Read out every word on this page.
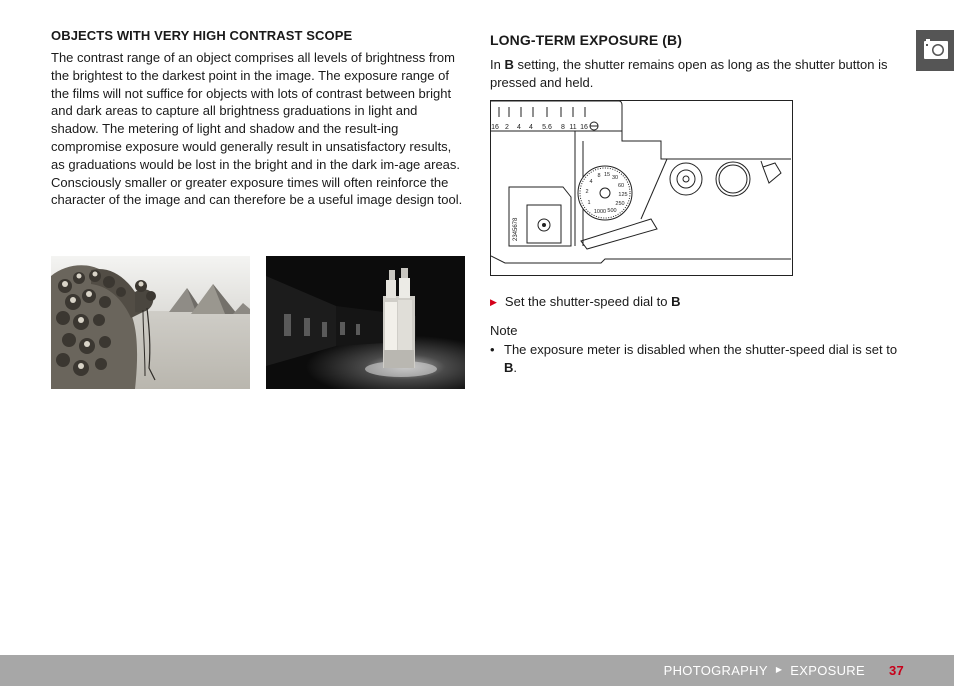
OBJECTS WITH VERY HIGH CONTRAST SCOPE

The contrast range of an object comprises all levels of brightness from the brightest to the darkest point in the image. The exposure range of the films will not suffice for objects with lots of contrast between bright and dark areas to capture all brightness graduations in light and shadow. The metering of light and shadow and the result-ing compromise exposure would generally result in unsatisfactory results, as graduations would be lost in the bright and in the dark im-age areas. Consciously smaller or greater exposure times will often reinforce the character of the image and can therefore be a useful image design tool.

LONG-TERM EXPOSURE (B)

In B setting, the shutter remains open as long as the shutter button is pressed and held.

16 2 4 4 5.6 8 11 16
2345678
8 15 30
60
125
250
500
1000
4
2
1
▶ Set the shutter-speed dial to
B
Note
• The exposure meter is disabled when the shutter-speed dial is set to B.
PHOTOGRAPHY ▶ EXPOSURE 37
